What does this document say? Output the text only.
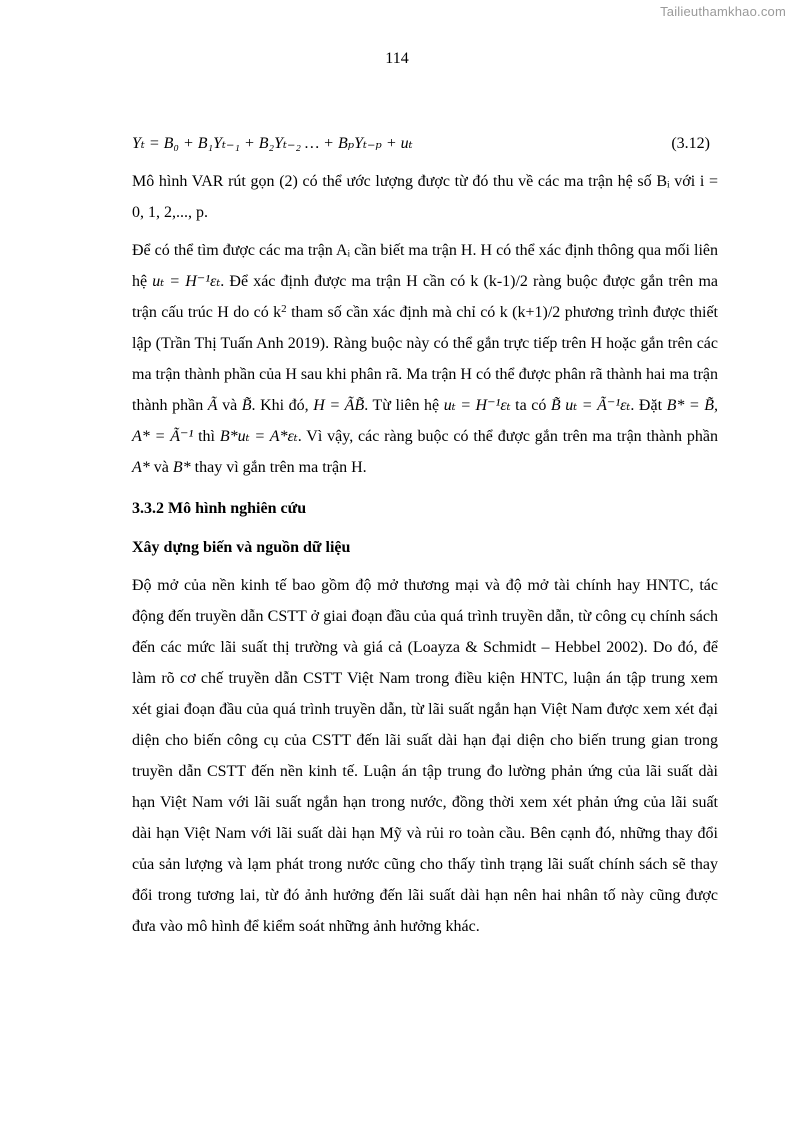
Tailieuthamkhao.com
114
Yₜ = B₀ + B₁Yₜ₋₁ + B₂Yₜ₋₂ … + BₚYₜ₋ₚ + uₜ	(3.12)

Mô hình VAR rút gọn (2) có thể ước lượng được từ đó thu về các ma trận hệ số Bᵢ với i = 0, 1, 2,..., p.

Để có thể tìm được các ma trận Aᵢ cần biết ma trận H. H có thể xác định thông qua mối liên hệ uₜ = H⁻¹εₜ. Để xác định được ma trận H cần có k (k-1)/2 ràng buộc được gắn trên ma trận cấu trúc H do có $k^2$ tham số cần xác định mà chỉ có k (k+1)/2 phương trình được thiết lập (Trần Thị Tuấn Anh 2019). Ràng buộc này có thể gắn trực tiếp trên H hoặc gắn trên các ma trận thành phần của H sau khi phân rã. Ma trận H có thể được phân rã thành hai ma trận thành phần Ã và B̃. Khi đó, H = ÃB̃. Từ liên hệ uₜ = H⁻¹εₜ ta có B̃ uₜ = Ã⁻¹εₜ. Đặt B* = B̃, A* = Ã⁻¹ thì B*uₜ = A*εₜ. Vì vậy, các ràng buộc có thể được gắn trên ma trận thành phần A* và B* thay vì gắn trên ma trận H.

3.3.2 Mô hình nghiên cứu
Xây dựng biến và nguồn dữ liệu

Độ mở của nền kinh tế bao gồm độ mở thương mại và độ mở tài chính hay HNTC, tác động đến truyền dẫn CSTT ở giai đoạn đầu của quá trình truyền dẫn, từ công cụ chính sách đến các mức lãi suất thị trường và giá cả (Loayza & Schmidt – Hebbel 2002). Do đó, để làm rõ cơ chế truyền dẫn CSTT Việt Nam trong điều kiện HNTC, luận án tập trung xem xét giai đoạn đầu của quá trình truyền dẫn, từ lãi suất ngắn hạn Việt Nam được xem xét đại diện cho biến công cụ của CSTT đến lãi suất dài hạn đại diện cho biến trung gian trong truyền dẫn CSTT đến nền kinh tế. Luận án tập trung đo lường phản ứng của lãi suất dài hạn Việt Nam với lãi suất ngắn hạn trong nước, đồng thời xem xét phản ứng của lãi suất dài hạn Việt Nam với lãi suất dài hạn Mỹ và rủi ro toàn cầu. Bên cạnh đó, những thay đổi của sản lượng và lạm phát trong nước cũng cho thấy tình trạng lãi suất chính sách sẽ thay đổi trong tương lai, từ đó ảnh hưởng đến lãi suất dài hạn nên hai nhân tố này cũng được đưa vào mô hình để kiểm soát những ảnh hưởng khác.
